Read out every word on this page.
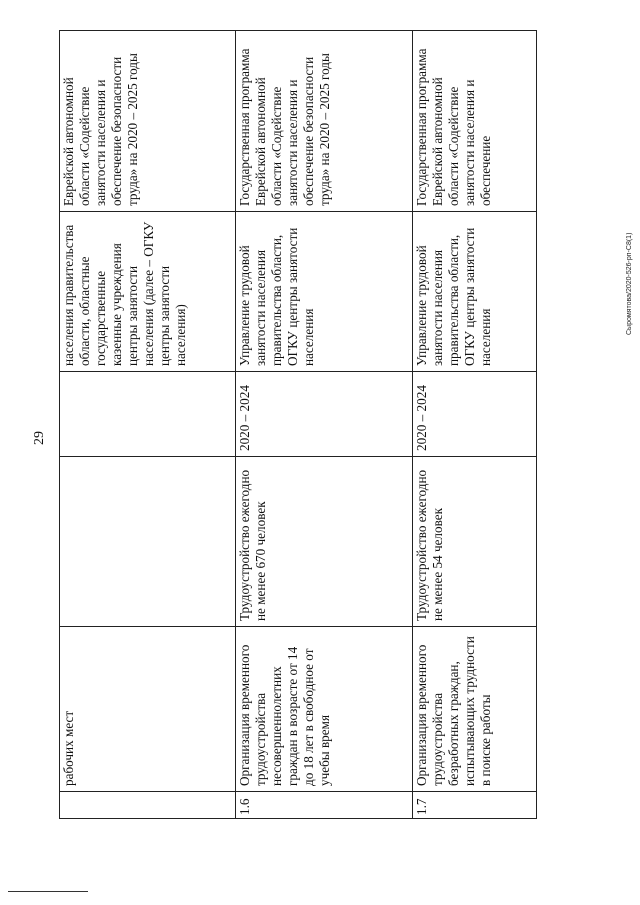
29
	рабочих мест			населения правительства области, областные государственные казенные учреждения центры занятости населения (далее – ОГКУ центры занятости населения)	Еврейской автономной области «Содействие занятости населения и обеспечение безопасности труда» на 2020 – 2025 годы
1.6	Организация временного трудоустройства несовершеннолетних граждан в возрасте от 14 до 18 лет в свободное от учебы время	Трудоустройство ежегодно не менее 670 человек	2020 – 2024	Управление трудовой занятости населения правительства области, ОГКУ центры занятости населения	Государственная программа Еврейской автономной области «Содействие занятости населения и обеспечение безопасности труда» на 2020 – 2025 годы
1.7	Организация временного трудоустройства безработных граждан, испытывающих трудности в поиске работы	Трудоустройство ежегодно не менее 54 человек	2020 – 2024	Управление трудовой занятости населения правительства области, ОГКУ центры занятости населения	Государственная программа Еврейской автономной области «Содействие занятости населения и обеспечение
Сыромятова/2020-526-рп-С8(1)
